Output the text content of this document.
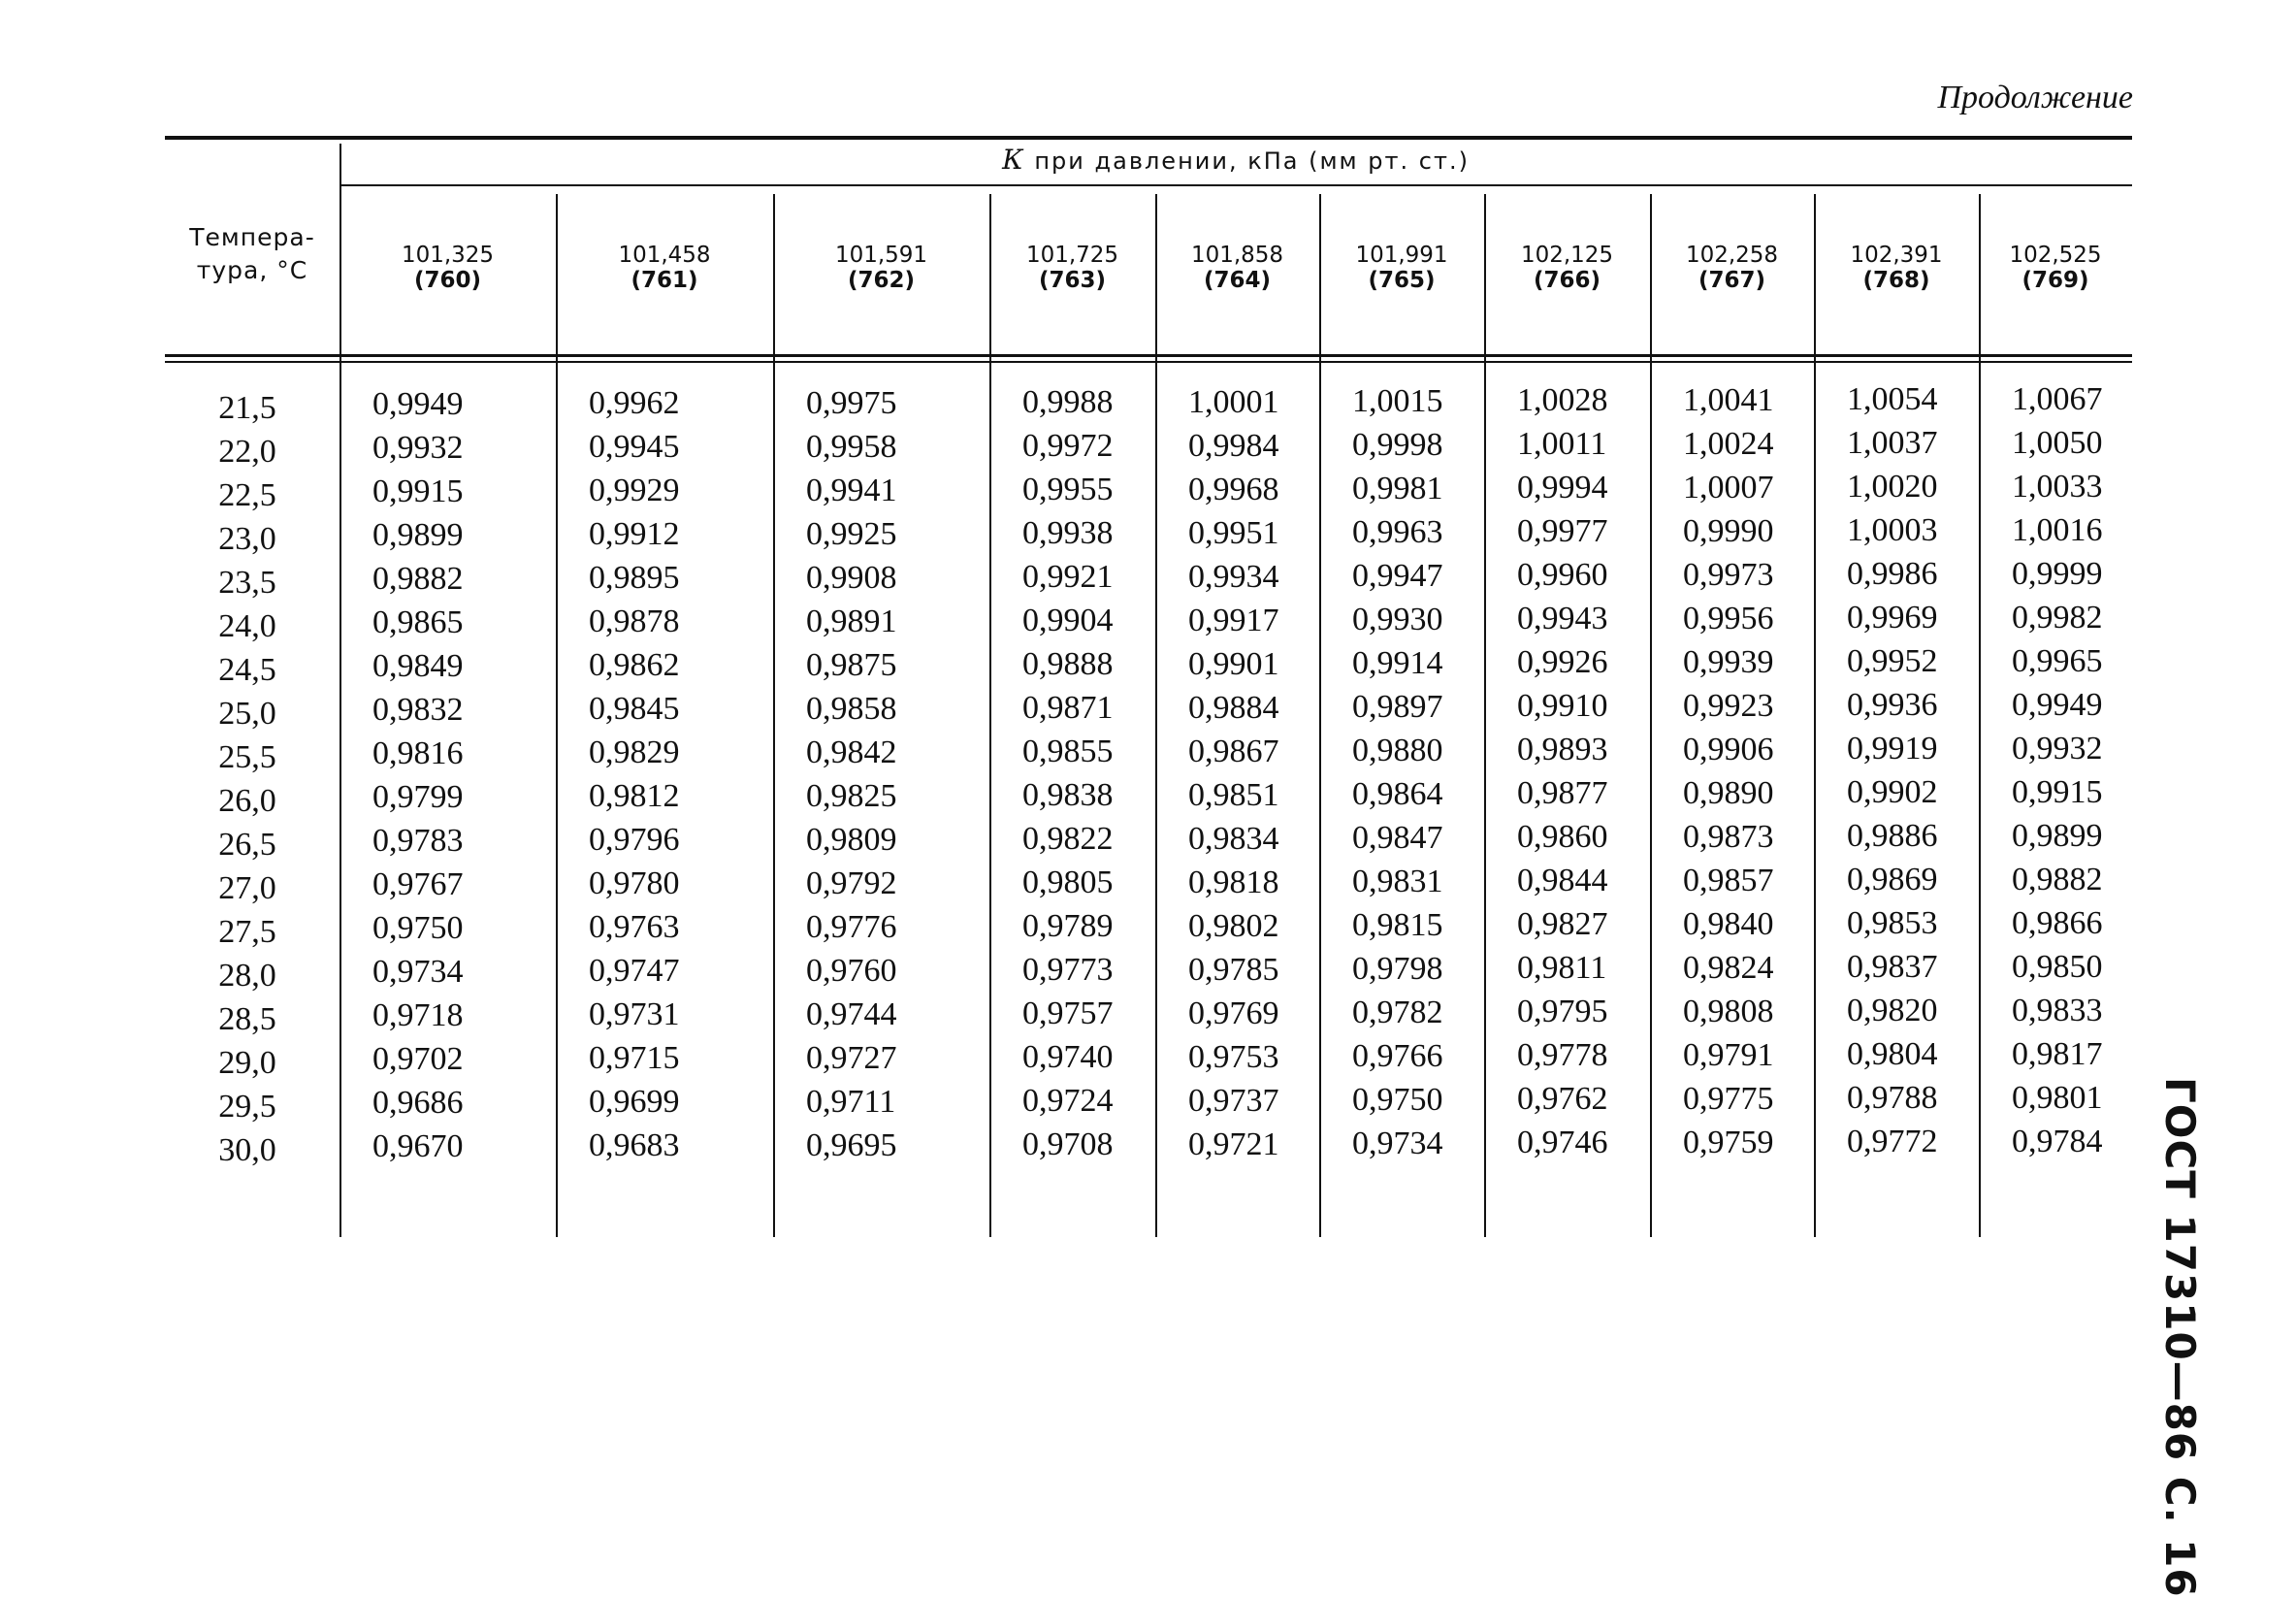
Продолжение
ГОСТ 17310—86 С. 16
Темпера-тура, °С
К при давлении, кПа (мм рт. ст.)
101,325
(760)
101,458
(761)
101,591
(762)
101,725
(763)
101,858
(764)
101,991
(765)
102,125
(766)
102,258
(767)
102,391
(768)
102,525
(769)
21,5	0,9949	0,9962	0,9975	0,9988 1,0001 1,0015 1,0028 1,0041 1,0054 1,0067
22,0	0,9932	0,9945	0,9958	0,9972 0,9984 0,9998 1,0011 1,0024 1,0037 1,0050
22,5	0,9915	0,9929	0,9941	0,9955 0,9968 0,9981 0,9994 1,0007 1,0020 1,0033
23,0	0,9899	0,9912	0,9925	0,9938 0,9951 0,9963 0,9977 0,9990 1,0003 1,0016
23,5	0,9882	0,9895	0,9908	0,9921 0,9934 0,9947 0,9960 0,9973 0,9986 0,9999
24,0	0,9865	0,9878	0,9891	0,9904 0,9917 0,9930 0,9943 0,9956 0,9969 0,9982
24,5	0,9849	0,9862	0,9875	0,9888 0,9901 0,9914 0,9926 0,9939 0,9952 0,9965
25,0	0,9832	0,9845	0,9858	0,9871 0,9884 0,9897 0,9910 0,9923 0,9936 0,9949
25,5	0,9816	0,9829	0,9842	0,9855 0,9867 0,9880 0,9893 0,9906 0,9919 0,9932
26,0	0,9799	0,9812	0,9825	0,9838 0,9851 0,9864 0,9877 0,9890 0,9902 0,9915
26,5	0,9783	0,9796	0,9809	0,9822 0,9834 0,9847 0,9860 0,9873 0,9886 0,9899
27,0	0,9767	0,9780	0,9792	0,9805 0,9818 0,9831 0,9844 0,9857 0,9869 0,9882
27,5	0,9750	0,9763	0,9776	0,9789 0,9802 0,9815 0,9827 0,9840 0,9853 0,9866
28,0	0,9734	0,9747	0,9760	0,9773 0,9785 0,9798 0,9811 0,9824 0,9837 0,9850
28,5	0,9718	0,9731	0,9744	0,9757 0,9769 0,9782 0,9795 0,9808 0,9820 0,9833
29,0	0,9702	0,9715	0,9727	0,9740 0,9753 0,9766 0,9778 0,9791 0,9804 0,9817
29,5	0,9686	0,9699	0,9711	0,9724 0,9737 0,9750 0,9762 0,9775 0,9788 0,9801
30,0	0,9670	0,9683	0,9695	0,9708 0,9721 0,9734 0,9746 0,9759 0,9772 0,9784
